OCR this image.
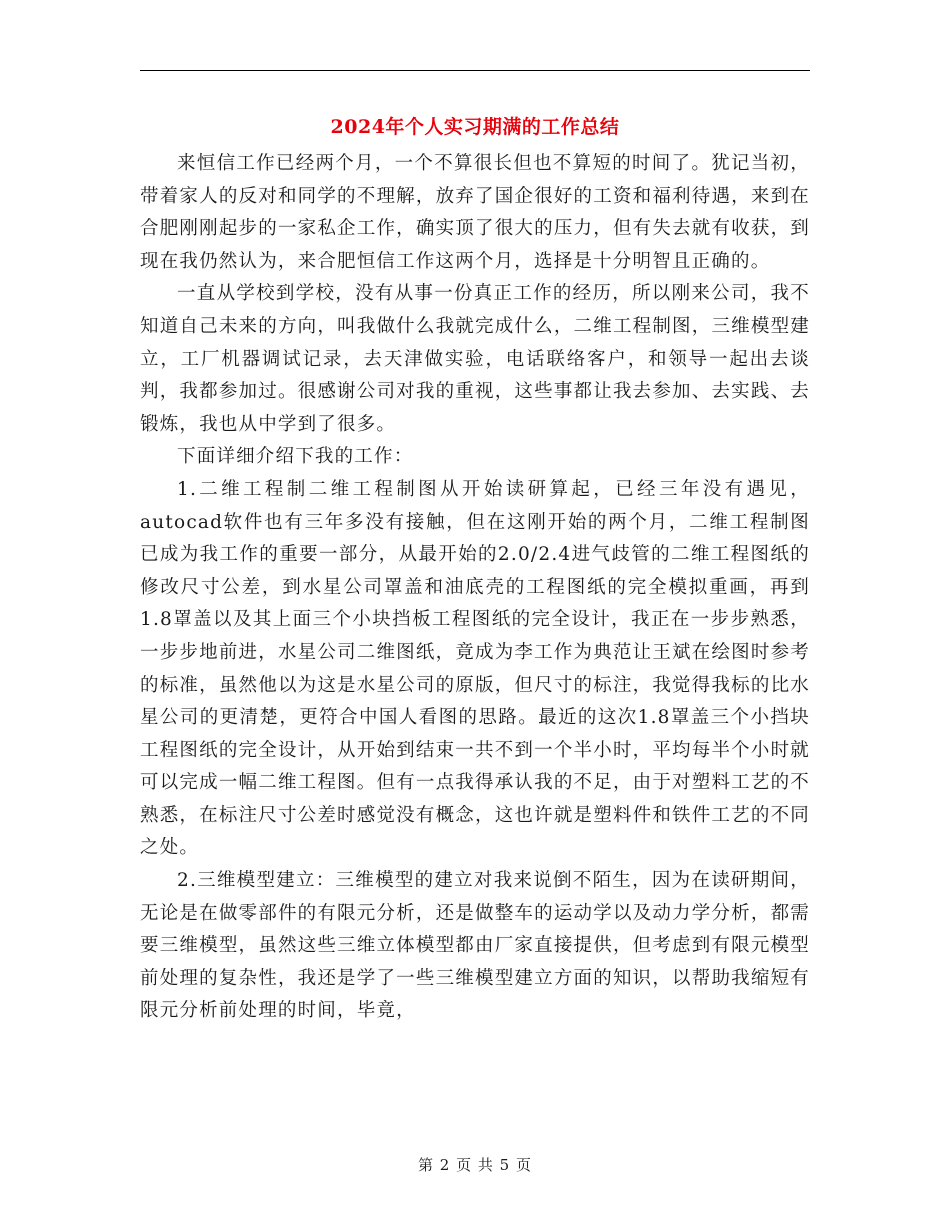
2024年个人实习期满的工作总结

来恒信工作已经两个月，一个不算很长但也不算短的时间了。犹记当初，带着家人的反对和同学的不理解，放弃了国企很好的工资和福利待遇，来到在合肥刚刚起步的一家私企工作，确实顶了很大的压力，但有失去就有收获，到现在我仍然认为，来合肥恒信工作这两个月，选择是十分明智且正确的。

一直从学校到学校，没有从事一份真正工作的经历，所以刚来公司，我不知道自己未来的方向，叫我做什么我就完成什么，二维工程制图，三维模型建立，工厂机器调试记录，去天津做实验，电话联络客户，和领导一起出去谈判，我都参加过。很感谢公司对我的重视，这些事都让我去参加、去实践、去锻炼，我也从中学到了很多。

下面详细介绍下我的工作：

1.二维工程制二维工程制图从开始读研算起，已经三年没有遇见，autocad软件也有三年多没有接触，但在这刚开始的两个月，二维工程制图已成为我工作的重要一部分，从最开始的2.0/2.4进气歧管的二维工程图纸的修改尺寸公差，到水星公司罩盖和油底壳的工程图纸的完全模拟重画，再到1.8罩盖以及其上面三个小块挡板工程图纸的完全设计，我正在一步步熟悉，一步步地前进，水星公司二维图纸，竟成为李工作为典范让王斌在绘图时参考的标准，虽然他以为这是水星公司的原版，但尺寸的标注，我觉得我标的比水星公司的更清楚，更符合中国人看图的思路。最近的这次1.8罩盖三个小挡块工程图纸的完全设计，从开始到结束一共不到一个半小时，平均每半个小时就可以完成一幅二维工程图。但有一点我得承认我的不足，由于对塑料工艺的不熟悉，在标注尺寸公差时感觉没有概念，这也许就是塑料件和铁件工艺的不同之处。

2.三维模型建立：三维模型的建立对我来说倒不陌生，因为在读研期间，无论是在做零部件的有限元分析，还是做整车的运动学以及动力学分析，都需要三维模型，虽然这些三维立体模型都由厂家直接提供，但考虑到有限元模型前处理的复杂性，我还是学了一些三维模型建立方面的知识，以帮助我缩短有限元分析前处理的时间，毕竟，

第 2 页 共 5 页
